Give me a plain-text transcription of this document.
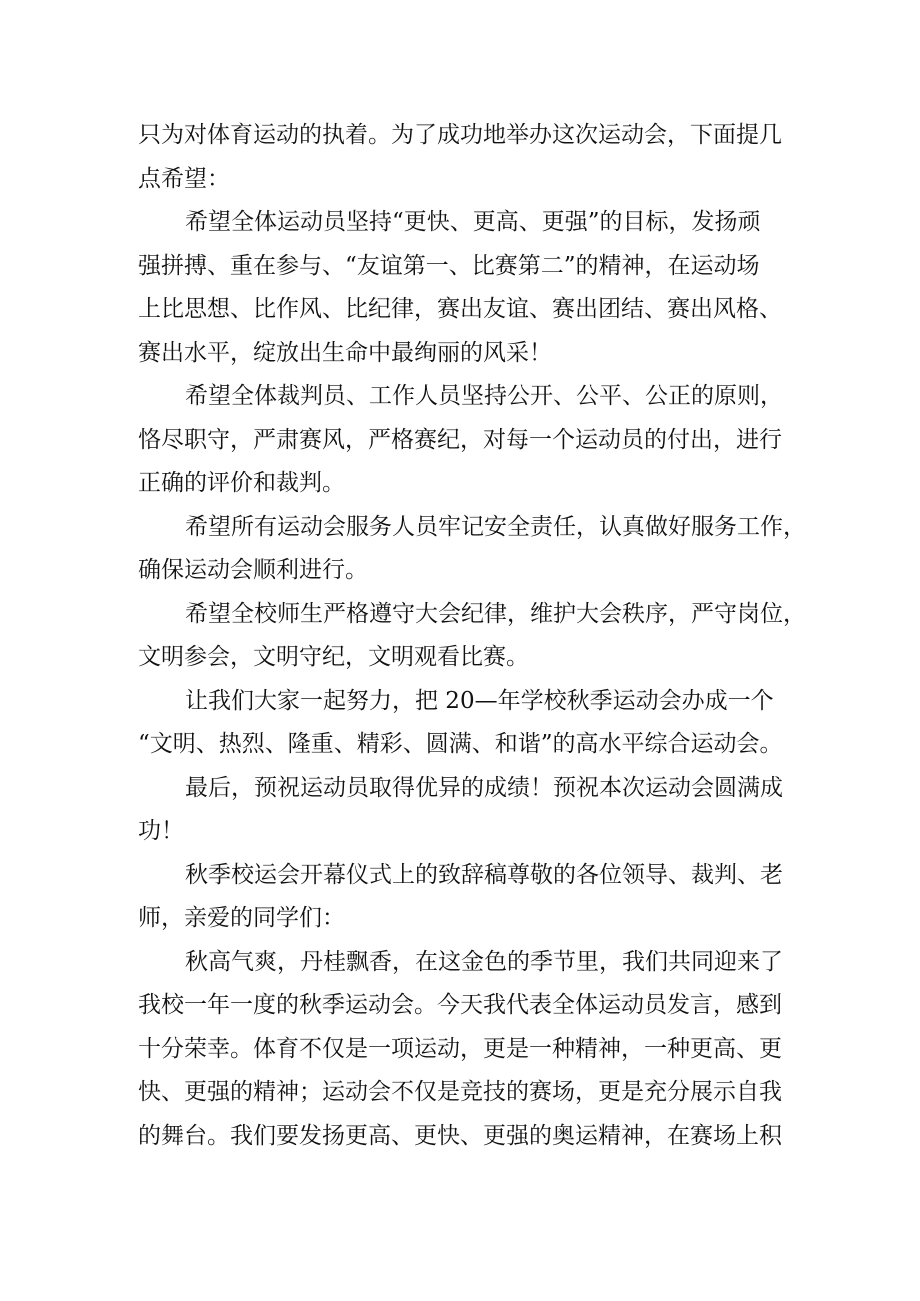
只为对体育运动的执着。为了成功地举办这次运动会，下面提几
点希望：
希望全体运动员坚持“更快、更高、更强”的目标，发扬顽
强拼搏、重在参与、“友谊第一、比赛第二”的精神，在运动场
上比思想、比作风、比纪律，赛出友谊、赛出团结、赛出风格、
赛出水平，绽放出生命中最绚丽的风采！
希望全体裁判员、工作人员坚持公开、公平、公正的原则，
恪尽职守，严肃赛风，严格赛纪，对每一个运动员的付出，进行
正确的评价和裁判。
希望所有运动会服务人员牢记安全责任，认真做好服务工作，
确保运动会顺利进行。
希望全校师生严格遵守大会纪律，维护大会秩序，严守岗位，
文明参会，文明守纪，文明观看比赛。
让我们大家一起努力，把 20—年学校秋季运动会办成一个
“文明、热烈、隆重、精彩、圆满、和谐”的高水平综合运动会。
最后，预祝运动员取得优异的成绩！预祝本次运动会圆满成
功！
秋季校运会开幕仪式上的致辞稿尊敬的各位领导、裁判、老
师，亲爱的同学们：
秋高气爽，丹桂飘香，在这金色的季节里，我们共同迎来了
我校一年一度的秋季运动会。今天我代表全体运动员发言，感到
十分荣幸。体育不仅是一项运动，更是一种精神，一种更高、更
快、更强的精神；运动会不仅是竞技的赛场，更是充分展示自我
的舞台。我们要发扬更高、更快、更强的奥运精神，在赛场上积
